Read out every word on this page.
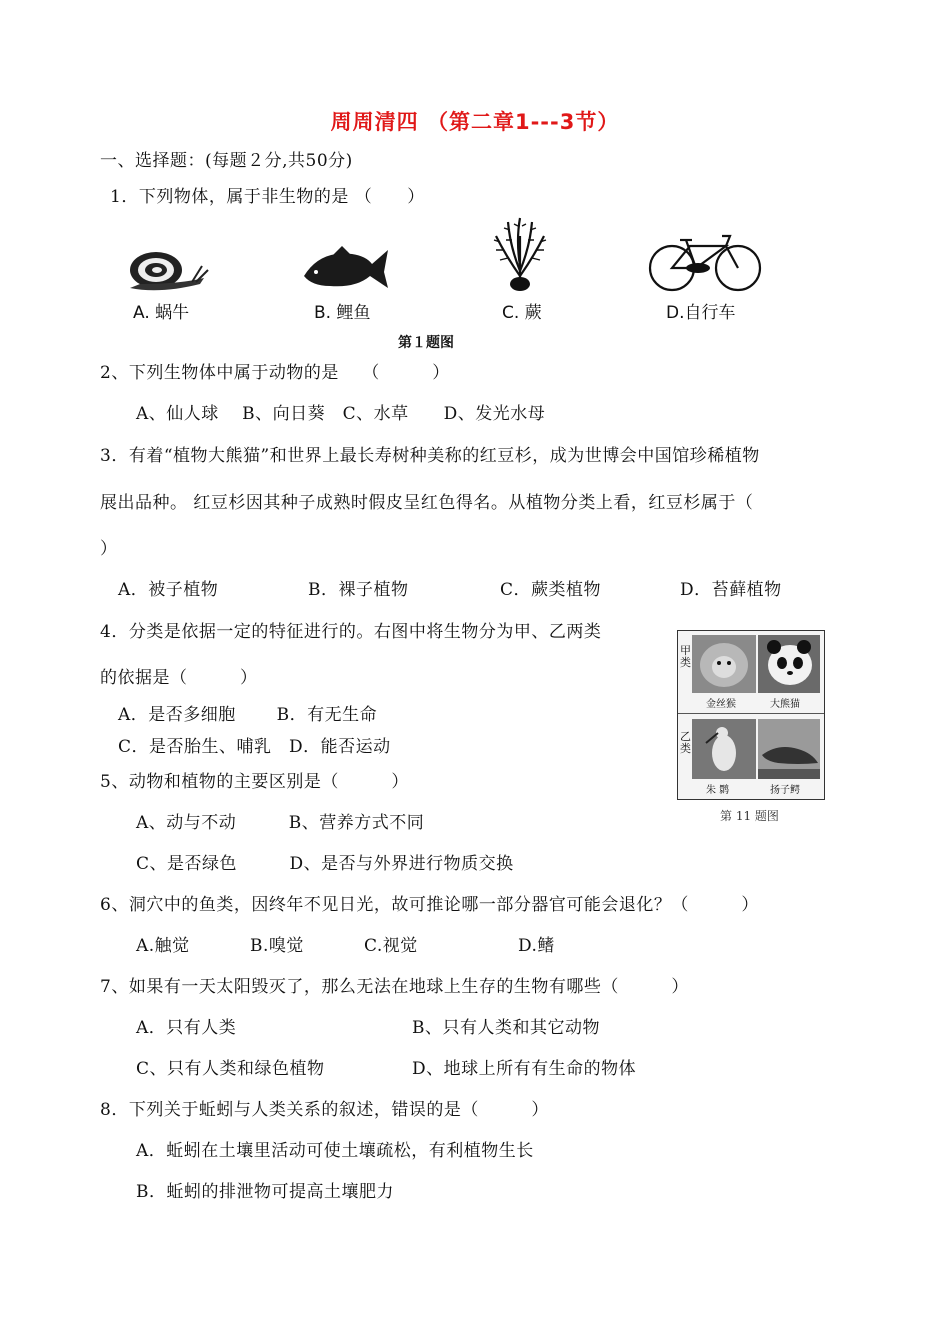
周周清四 （第二章1---3节）
一、选择题：(每题２分,共50分)
1．下列物体，属于非生物的是 （　　）
A. 蜗牛	B. 鲤鱼	C. 蕨	D.自行车
第１题图
2、下列生物体中属于动物的是　 （　　　）
A、仙人球　 B、向日葵　C、水草　　D、发光水母
3．有着“植物大熊猫”和世界上最长寿树种美称的红豆杉，成为世博会中国馆珍稀植物
展出品种。 红豆杉因其种子成熟时假皮呈红色得名。从植物分类上看，红豆杉属于（
）
A．被子植物	B．裸子植物	C．蕨类植物	D．苔藓植物
4．分类是依据一定的特征进行的。右图中将生物分为甲、乙两类
的依据是（　　　）
A．是否多细胞　　 B．有无生命
C．是否胎生、哺乳　D．能否运动
甲类
金丝猴	大熊猫
乙类
朱 鹮	扬子鳄
第 11 题图
5、动物和植物的主要区别是（　　　）
A、动与不动　　　B、营养方式不同
C、是否绿色　　　D、是否与外界进行物质交换
6、洞穴中的鱼类，因终年不见日光，故可推论哪一部分器官可能会退化？（　　　）
A.触觉	B.嗅觉	C.视觉	D.鳍
7、如果有一天太阳毁灭了，那么无法在地球上生存的生物有哪些（　　　）
A．只有人类	B、只有人类和其它动物
C、只有人类和绿色植物	D、地球上所有有生命的物体
8．下列关于蚯蚓与人类关系的叙述，错误的是（　　　）
A．蚯蚓在土壤里活动可使土壤疏松，有利植物生长
B．蚯蚓的排泄物可提高土壤肥力
